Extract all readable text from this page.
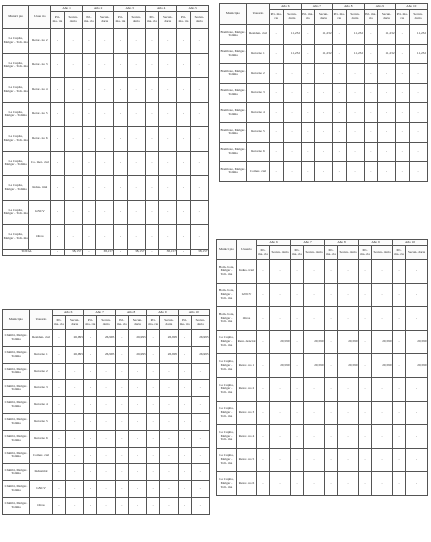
Munici pio	Usua rio	Año 1		Año 2		Año 3		Año 4		Año 5	
		Pri- ma- ria	Secun- daria	Pri- ma- ria	Secun- daria	Pri- ma- ria	Secun- daria	Pri- ma- ria	Secun- daria	Pri- ma- ria	Secun- daria
La Cuplia, Melgar - Toli- ma	Retor- no 2	-	-	-	-	-	-	-	-	-	-
La Cuplia, Melgar - Toli- ma	Retor- no 3	-	-	-	-	-	-	-	-	-	-
La Cuplia, Melgar - Toli- ma	Retor- no 4	-	-	-	-	-	-	-	-	-	-
La Cuplia, Melgar - Tolima	Retor- no 5	-	-	-	-	-	-	-	-	-	-
La Cuplia, Melgar - Toli- ma	Retor- no 6	-	-	-	-	-	-	-	-	-	-
La Cuplia, Melgar - Tolima	Co- mer- cial	-	-	-	-	-	-	-	-	-	-
La Cuplia, Melgar - Tolima	Indus- trial	-	-	-	-	-	-	-	-	-	-
La Cuplia, Melgar - Toli- ma	GNCV	-	-	-	-	-	-	-	-	-	-
La Cuplia, Melgar - Toli- ma	Otros	-	-	-	-	-	-	-	-	-	-
TOTAL		-	38,157	-	38,157	-	38,157	-	38,157	-	38,157
Municipio	Usuario	Año 6		Año 7		Año 8		Año 9		Año 10	
		Pri- ma- ria	Secun- daria	Pri- ma- ria	Secun- daria	Pri- ma- ria	Secun- daria	Pri- ma- ria	Secun- daria	Pri- ma- ria	Secun- daria
Bombote, Melgar- Tolima	Residen- cial	-	11,232	-	11,232	-	11,232	-	11,232	-	11,232
Bombote, Melgar- Tolima	Retorno 1	-	11,232	-	11,232	-	11,232	-	11,232	-	11,232
Bombote, Melgar- Tolima	Retorno 2	-	-	-	-	-	-	-	-	-	-
Bombote, Melgar- Tolima	Retorno 3	-	-	-	-	-	-	-	-	-	-
Bombote, Melgar- Tolima	Retorno 4	-	-	-	-	-	-	-	-	-	-
Bombote, Melgar- Tolima	Retorno 5	-	-	-	-	-	-	-	-	-	-
Bombote, Melgar- Tolima	Retorno 6	-	-	-	-	-	-	-	-	-	-
Bombote, Melgar- Tolima	Comer- cial	-	-	-	-	-	-	-	-	-	-
Municipio	Usuario	Año 6		Año 7		Año 8		Año 9		Año 10	
		Pri- ma- ria	Secun- daria	Pri- ma- ria	Secun- daria	Pri- ma- ria	Secun- daria	Pri- ma- ria	Secun- daria	Pri- ma- ria	Secun- daria
Chimbi, Melgar- Tolima	Residen- cial	-	26,995	-	26,995	-	26,995	-	26,995	-	26,995
Chimbi, Melgar- Tolima	Retorno 1	-	26,995	-	26,995	-	26,995	-	26,995	-	26,995
Chimbi, Melgar- Tolima	Retorno 2	-	-	-	-	-	-	-	-	-	-
Chimbi, Melgar- Tolima	Retorno 3	-	-	-	-	-	-	-	-	-	-
Chimbi, Melgar- Tolima	Retorno 4	-	-	-	-	-	-	-	-	-	-
Chimbi, Melgar- Tolima	Retorno 5	-	-	-	-	-	-	-	-	-	-
Chimbi, Melgar- Tolima	Retorno 6	-	-	-	-	-	-	-	-	-	-
Chimbi, Melgar- Tolima	Comer- cial	-	-	-	-	-	-	-	-	-	-
Chimbi, Melgar- Tolima	Industrial	-	-	-	-	-	-	-	-	-	-
Chimbi, Melgar- Tolima	GNCV	-	-	-	-	-	-	-	-	-	-
Chimbi, Melgar- Tolima	Otros	-	-	-	-	-	-	-	-	-	-
Munici pio	Usuario	Año 6		Año 7		Año 8		Año 9		Año 10	
		Pri- ma- ria	Secun- daria	Pri- ma- ria	Secun- daria	Pri- ma- ria	Secun- daria	Pri- ma- ria	Secun- daria	Pri- ma- ria	Secun- daria
Bom- bote, Melgar - Toli- ma	Indus- trial	-	-	-	-	-	-	-	-	-	-
Bom- bote, Melgar - Toli- ma	GNCV	-	-	-	-	-	-	-	-	-	-
Bom- bote, Melgar - Toli- ma	Otros	-	-	-	-	-	-	-	-	-	-
La Cuplia, Melgar - Toli- ma	Resi- dencial	-	20,590	-	20,590	-	20,590	-	20,590	-	20,590
La Cuplia, Melgar - Toli- ma	Retor- no 1	-	20,590	-	20,590	-	20,590	-	20,590	-	20,590
La Cuplia, Melgar - Toli- ma	Retor- no 2	-	-	-	-	-	-	-	-	-	-
La Cuplia, Melgar - Toli- ma	Retor- no 3	-	-	-	-	-	-	-	-	-	-
La Cuplia, Melgar - Toli- ma	Retor- no 4	-	-	-	-	-	-	-	-	-	-
La Cuplia, Melgar - Toli- ma	Retor- no 5	-	-	-	-	-	-	-	-	-	-
La Cuplia, Melgar - Toli- ma	Retor- no 6	-	-	-	-	-	-	-	-	-	-
